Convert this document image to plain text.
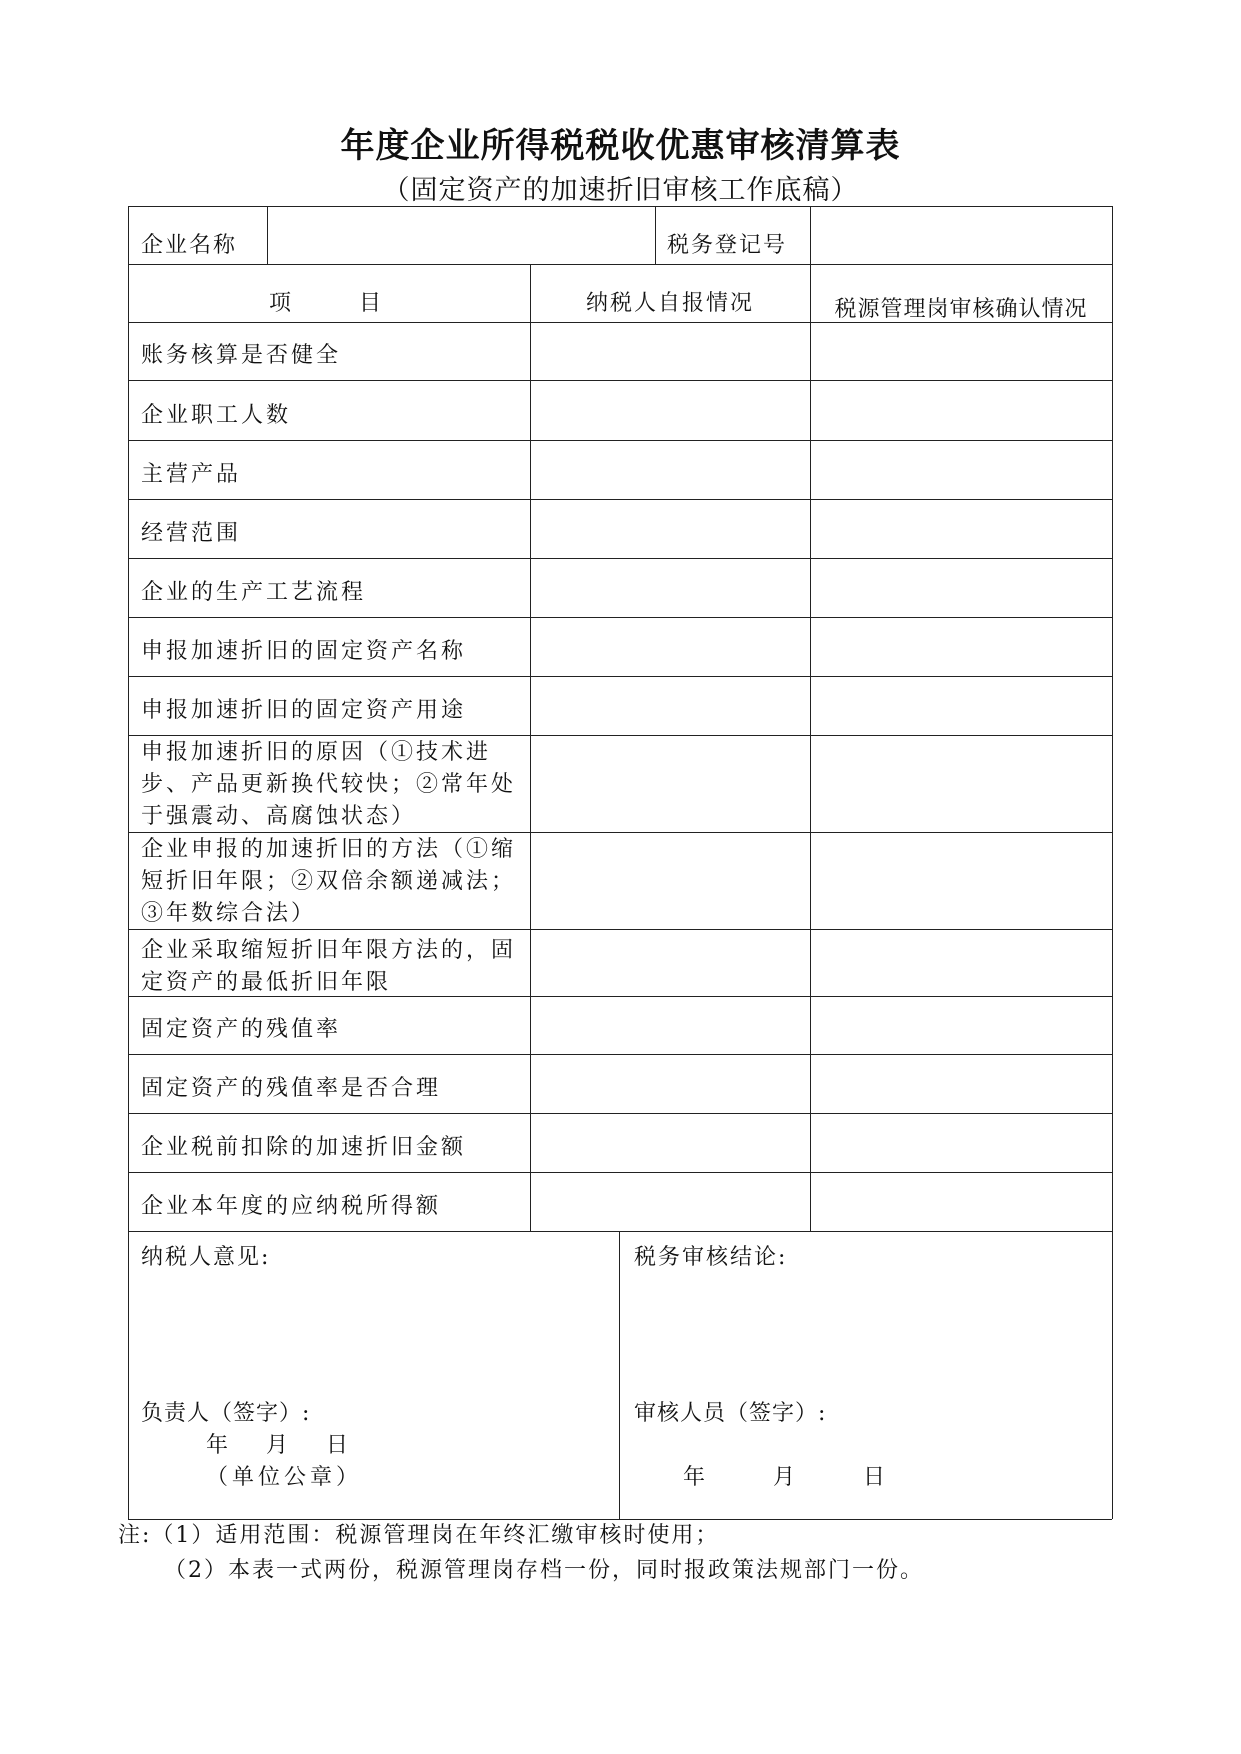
年度企业所得税税收优惠审核清算表
（固定资产的加速折旧审核工作底稿）
企业名称	税务登记号
项　　目	纳税人自报情况	税源管理岗审核确认情况
账务核算是否健全
企业职工人数
主营产品
经营范围
企业的生产工艺流程
申报加速折旧的固定资产名称
申报加速折旧的固定资产用途
申报加速折旧的原因（①技术进步、产品更新换代较快；②常年处于强震动、高腐蚀状态）
企业申报的加速折旧的方法（①缩短折旧年限；②双倍余额递减法；③年数综合法）
企业采取缩短折旧年限方法的，固定资产的最低折旧年限
固定资产的残值率
固定资产的残值率是否合理
企业税前扣除的加速折旧金额
企业本年度的应纳税所得额
纳税人意见:
负责人（签字）:
年　月　日
（单位公章）
税务审核结论:
审核人员（签字）:
年　　月　　日
注:（1）适用范围：税源管理岗在年终汇缴审核时使用；
（2）本表一式两份，税源管理岗存档一份，同时报政策法规部门一份。
